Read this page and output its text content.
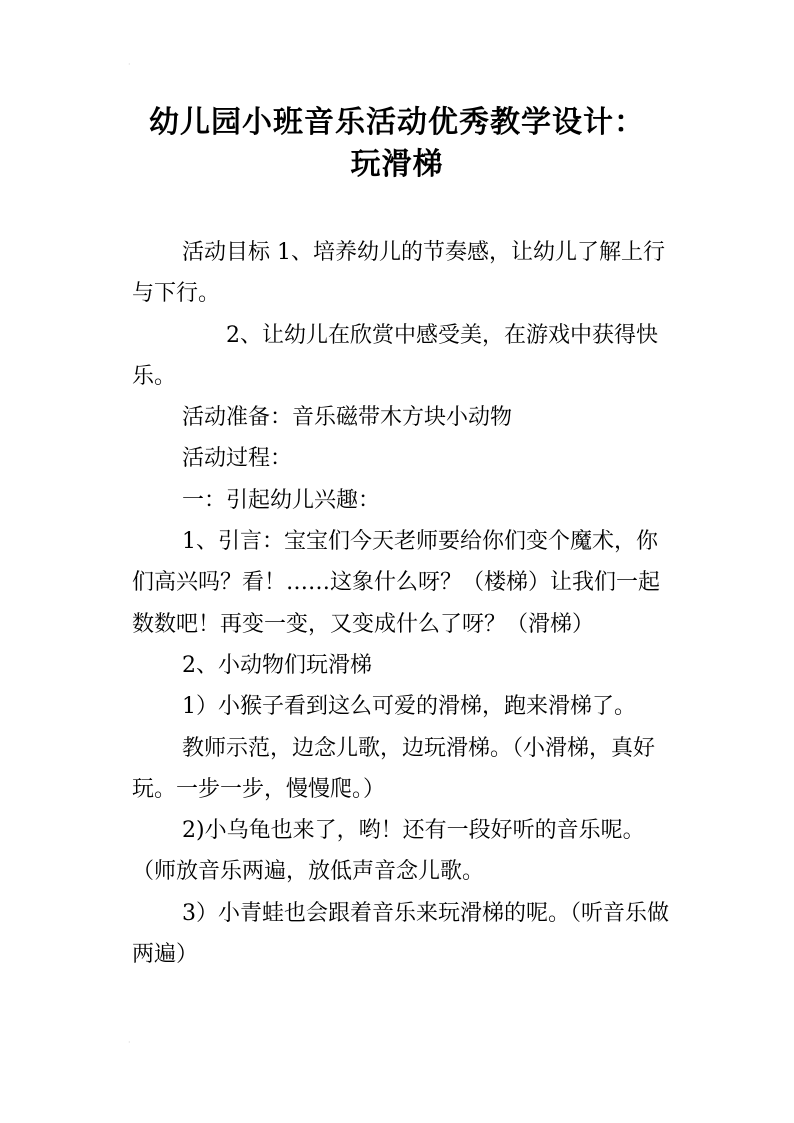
幼儿园小班音乐活动优秀教学设计：
玩滑梯

活动目标 1、培养幼儿的节奏感，让幼儿了解上行与下行。

2、让幼儿在欣赏中感受美，在游戏中获得快乐。

活动准备：音乐磁带木方块小动物

活动过程：

一：引起幼儿兴趣：

1、引言：宝宝们今天老师要给你们变个魔术，你们高兴吗？看！……这象什么呀？（楼梯）让我们一起数数吧！再变一变，又变成什么了呀？（滑梯）

2、小动物们玩滑梯

1）小猴子看到这么可爱的滑梯，跑来滑梯了。

教师示范，边念儿歌，边玩滑梯。（小滑梯，真好玩。一步一步，慢慢爬。）

2)小乌龟也来了，哟！还有一段好听的音乐呢。（师放音乐两遍，放低声音念儿歌。

3）小青蛙也会跟着音乐来玩滑梯的呢。（听音乐做两遍）

·
·
